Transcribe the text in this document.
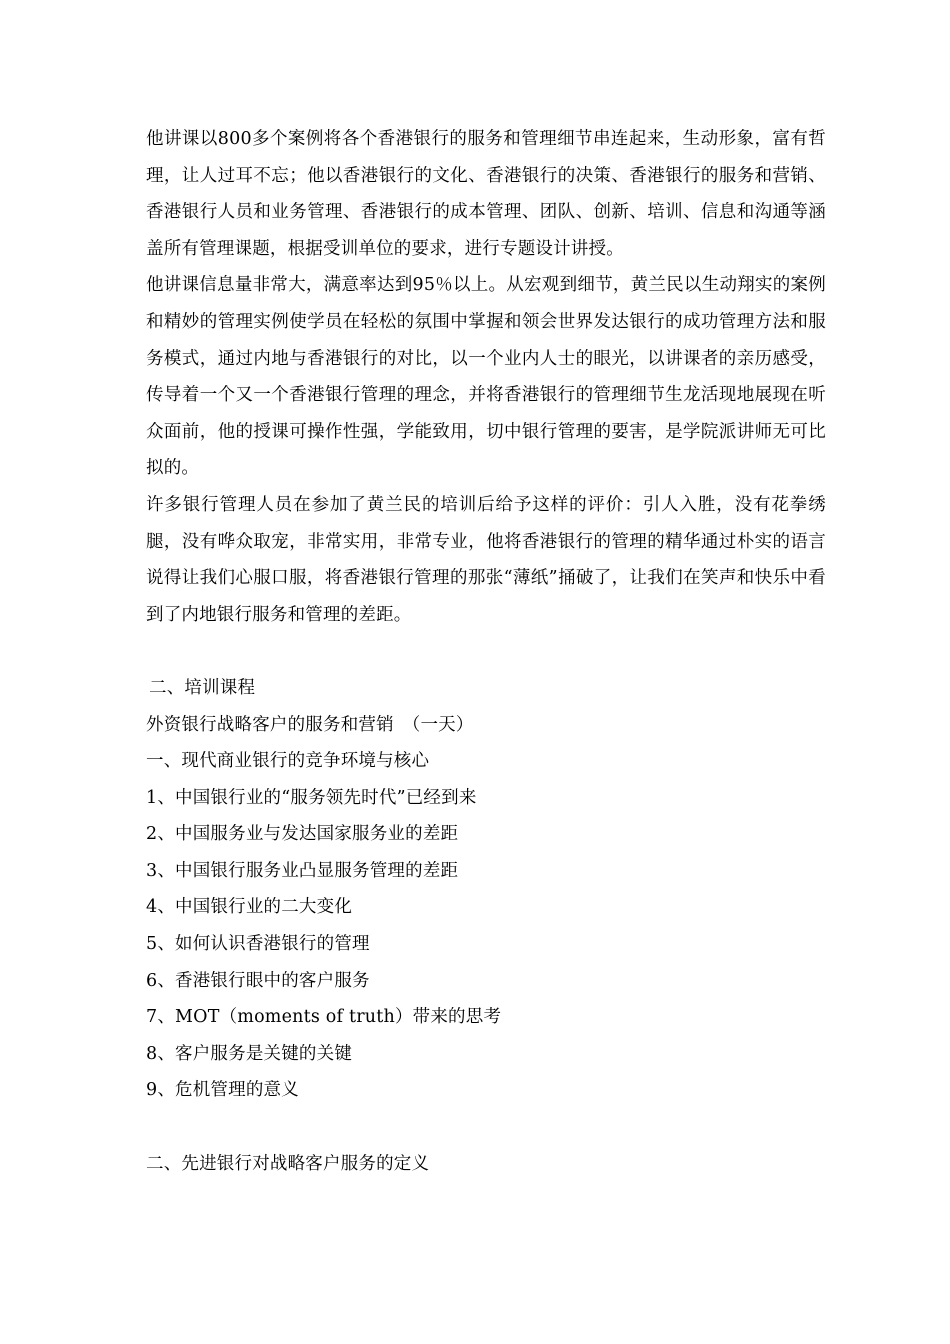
他讲课以800多个案例将各个香港银行的服务和管理细节串连起来，生动形象，富有哲理，让人过耳不忘；他以香港银行的文化、香港银行的决策、香港银行的服务和营销、香港银行人员和业务管理、香港银行的成本管理、团队、创新、培训、信息和沟通等涵盖所有管理课题，根据受训单位的要求，进行专题设计讲授。

他讲课信息量非常大，满意率达到95％以上。从宏观到细节，黄兰民以生动翔实的案例和精妙的管理实例使学员在轻松的氛围中掌握和领会世界发达银行的成功管理方法和服务模式，通过内地与香港银行的对比，以一个业内人士的眼光，以讲课者的亲历感受，传导着一个又一个香港银行管理的理念，并将香港银行的管理细节生龙活现地展现在听众面前，他的授课可操作性强，学能致用，切中银行管理的要害，是学院派讲师无可比拟的。

许多银行管理人员在参加了黄兰民的培训后给予这样的评价：引人入胜，没有花拳绣腿，没有哗众取宠，非常实用，非常专业，他将香港银行的管理的精华通过朴实的语言说得让我们心服口服，将香港银行管理的那张“薄纸”捅破了，让我们在笑声和快乐中看到了内地银行服务和管理的差距。

二、培训课程

外资银行战略客户的服务和营销　（一天）

一、现代商业银行的竞争环境与核心

1、中国银行业的“服务领先时代”已经到来

2、中国服务业与发达国家服务业的差距

3、中国银行服务业凸显服务管理的差距

4、中国银行业的二大变化

5、如何认识香港银行的管理

6、香港银行眼中的客户服务

7、MOT（moments of truth）带来的思考

8、客户服务是关键的关键

9、危机管理的意义

二、先进银行对战略客户服务的定义
